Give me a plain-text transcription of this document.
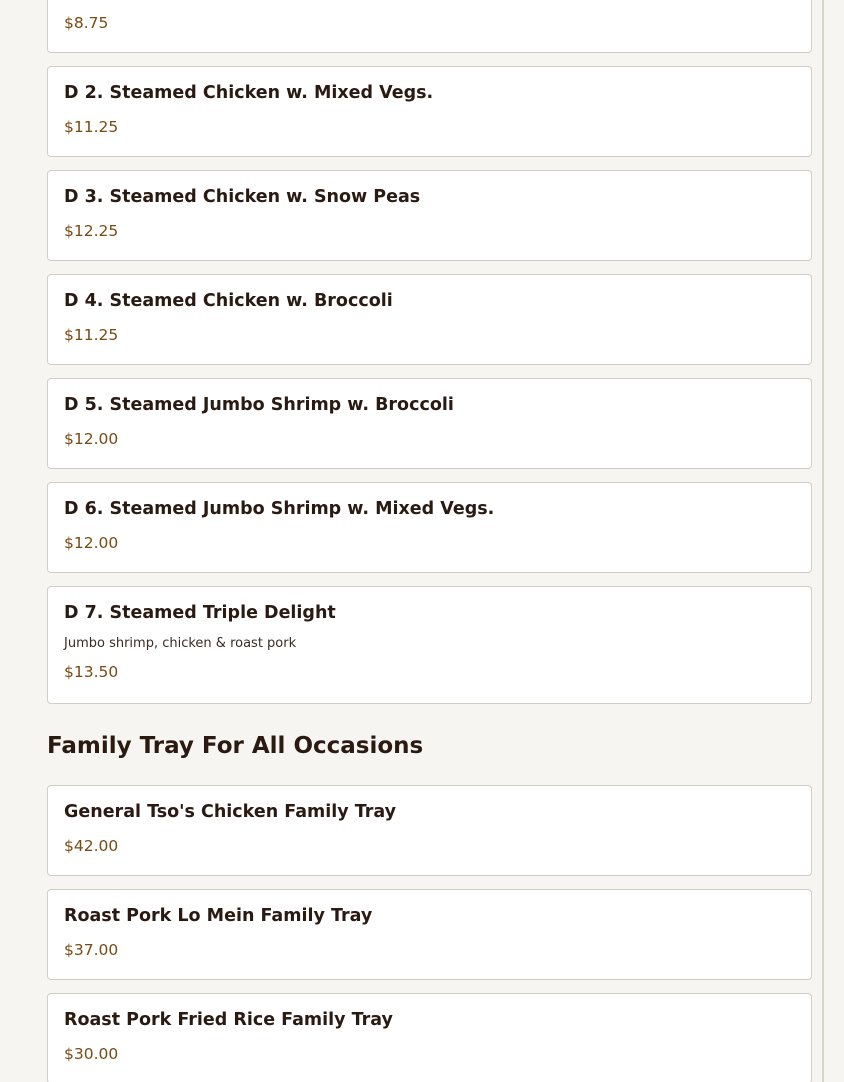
$8.75
D 2. Steamed Chicken w. Mixed Vegs.
$11.25
D 3. Steamed Chicken w. Snow Peas
$12.25
D 4. Steamed Chicken w. Broccoli
$11.25
D 5. Steamed Jumbo Shrimp w. Broccoli
$12.00
D 6. Steamed Jumbo Shrimp w. Mixed Vegs.
$12.00
D 7. Steamed Triple Delight
Jumbo shrimp, chicken & roast pork
$13.50
Family Tray For All Occasions
General Tso's Chicken Family Tray
$42.00
Roast Pork Lo Mein Family Tray
$37.00
Roast Pork Fried Rice Family Tray
$30.00
